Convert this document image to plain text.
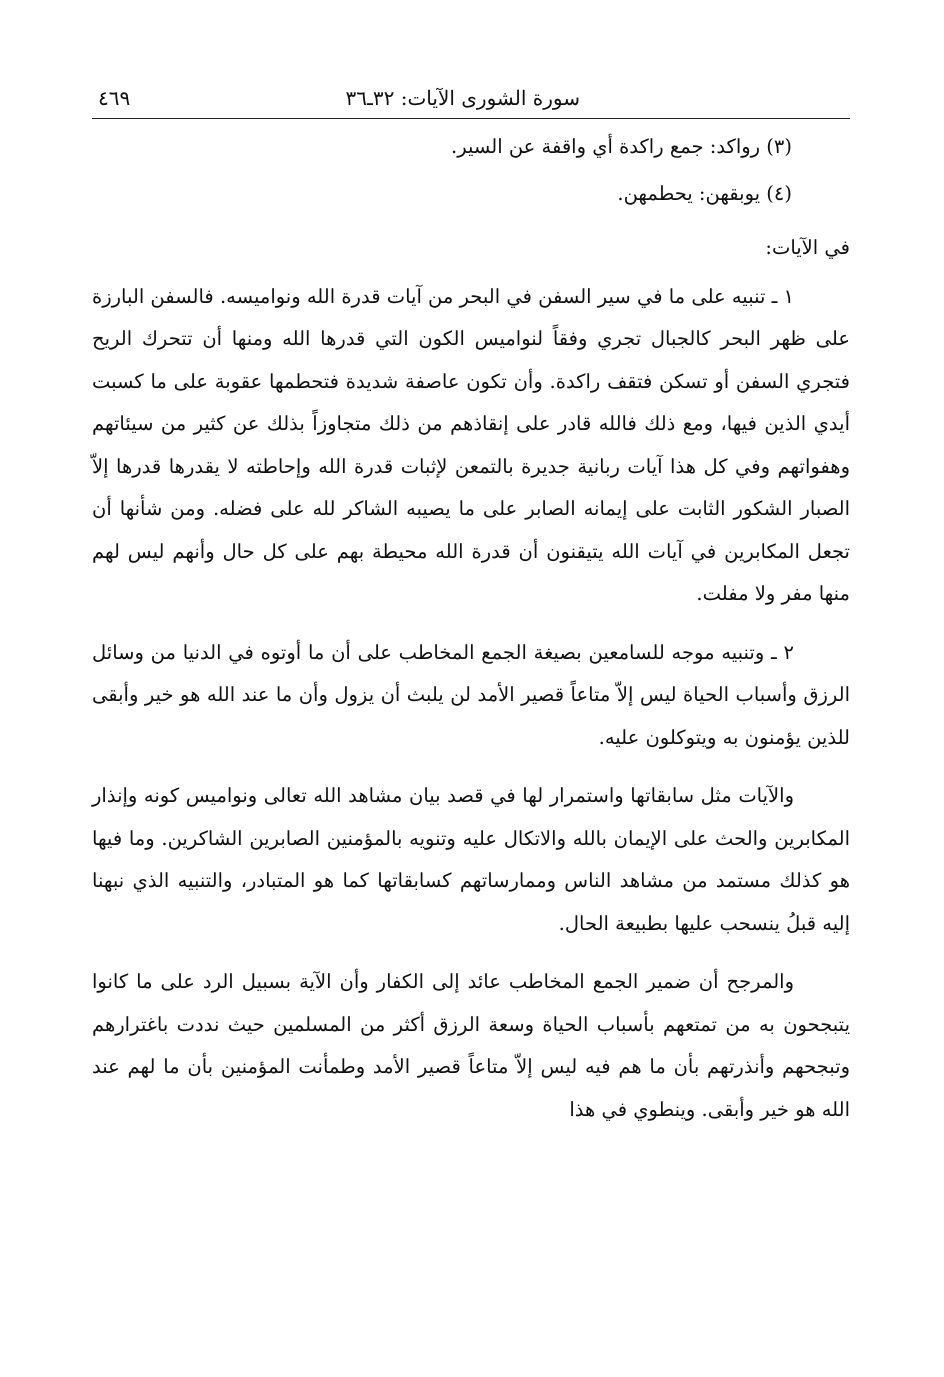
سورة الشورى الآيات: ٣٢ـ٣٦
٤٦٩
(٣) رواكد: جمع راكدة أي واقفة عن السير.
(٤) يوبقهن: يحطمهن.
في الآيات:

١ ـ تنبيه على ما في سير السفن في البحر من آيات قدرة الله ونواميسه. فالسفن البارزة على ظهر البحر كالجبال تجري وفقاً لنواميس الكون التي قدرها الله ومنها أن تتحرك الريح فتجري السفن أو تسكن فتقف راكدة. وأن تكون عاصفة شديدة فتحطمها عقوبة على ما كسبت أيدي الذين فيها، ومع ذلك فالله قادر على إنقاذهم من ذلك متجاوزاً بذلك عن كثير من سيئاتهم وهفواتهم وفي كل هذا آيات ربانية جديرة بالتمعن لإثبات قدرة الله وإحاطته لا يقدرها قدرها إلاّ الصبار الشكور الثابت على إيمانه الصابر على ما يصيبه الشاكر لله على فضله. ومن شأنها أن تجعل المكابرين في آيات الله يتيقنون أن قدرة الله محيطة بهم على كل حال وأنهم ليس لهم منها مفر ولا مفلت.

٢ ـ وتنبيه موجه للسامعين بصيغة الجمع المخاطب على أن ما أوتوه في الدنيا من وسائل الرزق وأسباب الحياة ليس إلاّ متاعاً قصير الأمد لن يلبث أن يزول وأن ما عند الله هو خير وأبقى للذين يؤمنون به ويتوكلون عليه.

والآيات مثل سابقاتها واستمرار لها في قصد بيان مشاهد الله تعالى ونواميس كونه وإنذار المكابرين والحث على الإيمان بالله والاتكال عليه وتنويه بالمؤمنين الصابرين الشاكرين. وما فيها هو كذلك مستمد من مشاهد الناس وممارساتهم كسابقاتها كما هو المتبادر، والتنبيه الذي نبهنا إليه قبلُ ينسحب عليها بطبيعة الحال.

والمرجح أن ضمير الجمع المخاطب عائد إلى الكفار وأن الآية بسبيل الرد على ما كانوا يتبجحون به من تمتعهم بأسباب الحياة وسعة الرزق أكثر من المسلمين حيث نددت باغترارهم وتبجحهم وأنذرتهم بأن ما هم فيه ليس إلاّ متاعاً قصير الأمد وطمأنت المؤمنين بأن ما لهم عند الله هو خير وأبقى. وينطوي في هذا
